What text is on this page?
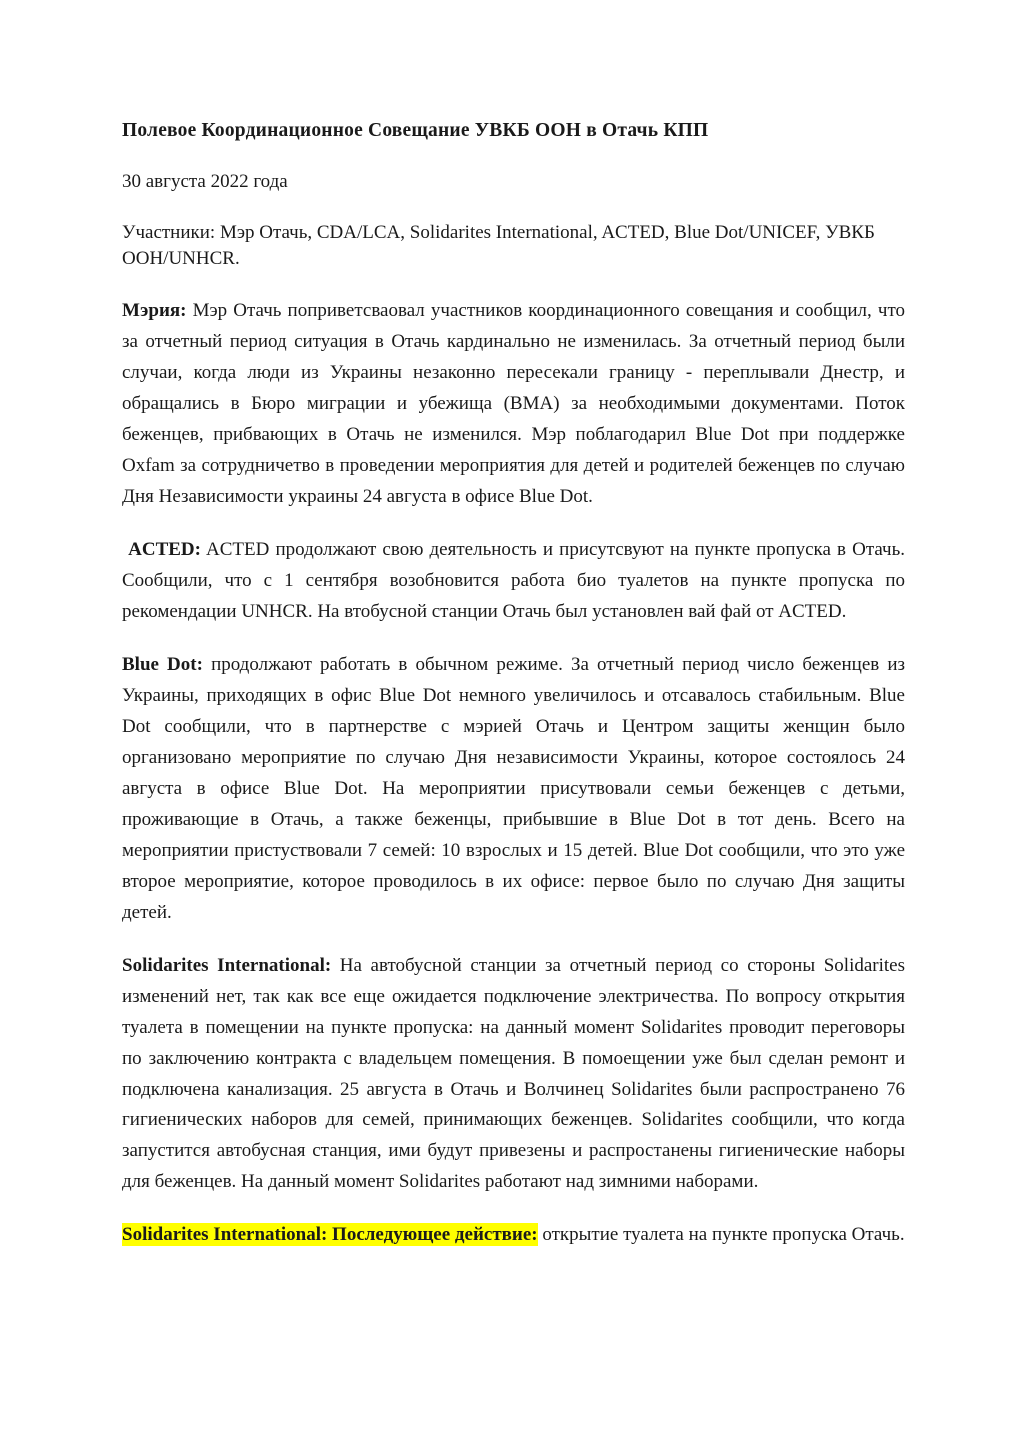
Полевое Координационное Совещание УВКБ ООН в Отачь КПП

30 августа 2022 года

Участники: Мэр Отачь, CDA/LCA, Solidarites International, ACTED, Blue Dot/UNICEF, УВКБ ООН/UNHCR.

Мэрия: Мэр Отачь поприветсваовал участников координационного совещания и сообщил, что за отчетный период ситуация в Отачь кардинально не изменилась. За отчетный период были случаи, когда люди из Украины незаконно пересекали границу - переплывали Днестр, и обращались в Бюро миграции и убежища (ВМА) за необходимыми документами. Поток беженцев, прибвающих в Отачь не изменился. Мэр поблагодарил Blue Dot при поддержке Oxfam за сотрудничетво в проведении мероприятия для детей и родителей беженцев по случаю Дня Независимости украины 24 августа в офисе Blue Dot.

ACTED: ACTED продолжают свою деятельность и присутсвуют на пункте пропуска в Отачь. Сообщили, что с 1 сентября возобновится работа био туалетов на пункте пропуска по рекомендации UNHCR. На втобусной станции Отачь был установлен вай фай от ACTED.

Blue Dot: продолжают работать в обычном режиме. За отчетный период число беженцев из Украины, приходящих в офис Blue Dot немного увеличилось и отсавалось стабильным. Blue Dot сообщили, что в партнерстве с мэрией Отачь и Центром защиты женщин было организовано мероприятие по случаю Дня независимости Украины, которое состоялось 24 августа в офисе Blue Dot. На мероприятии присутвовали семьи беженцев с детьми, проживающие в Отачь, а также беженцы, прибывшие в Blue Dot в тот день. Всего на мероприятии пристуствовали 7 семей: 10 взрослых и 15 детей. Blue Dot сообщили, что это уже второе мероприятие, которое проводилось в их офисе: первое было по случаю Дня защиты детей.

Solidarites International: На автобусной станции за отчетный период со стороны Solidarites изменений нет, так как все еще ожидается подключение электричества. По вопросу открытия туалета в помещении на пункте пропуска: на данный момент Solidarites проводит переговоры по заключению контракта с владельцем помещения. В помоещении уже был сделан ремонт и подключена канализация. 25 августа в Отачь и Волчинец Solidarites были распространено 76 гигиенических наборов для семей, принимающих беженцев. Solidarites сообщили, что когда запустится автобусная станция, ими будут привезены и распростанены гигиенические наборы для беженцев. На данный момент Solidarites работают над зимними наборами.

Solidarites International: Последующее действие: открытие туалета на пункте пропуска Отачь.
